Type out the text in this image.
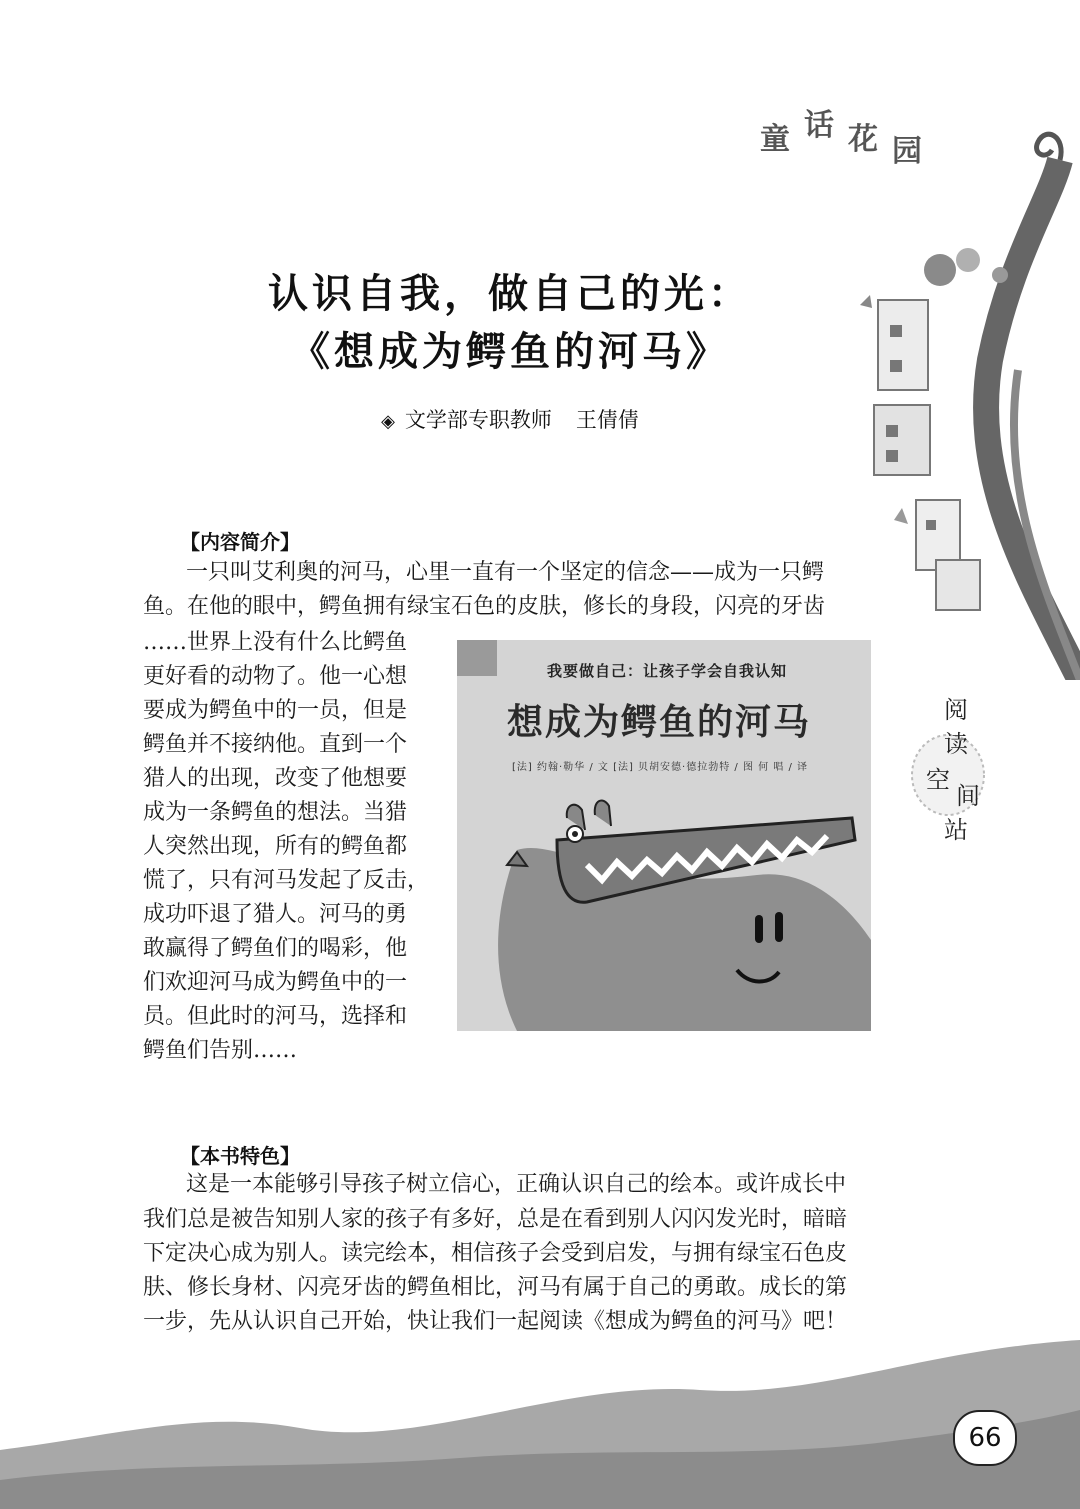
童 话 花 园
认识自我，做自己的光：
《想成为鳄鱼的河马》
◈ 文学部专职教师 王倩倩
【内容简介】
一只叫艾利奥的河马，心里一直有一个坚定的信念——成为一只鳄
鱼。在他的眼中，鳄鱼拥有绿宝石色的皮肤，修长的身段，闪亮的牙齿
……世界上没有什么比鳄鱼
更好看的动物了。他一心想
要成为鳄鱼中的一员，但是
鳄鱼并不接纳他。直到一个
猎人的出现，改变了他想要
成为一条鳄鱼的想法。当猎
人突然出现，所有的鳄鱼都
慌了，只有河马发起了反击，
成功吓退了猎人。河马的勇
敢赢得了鳄鱼们的喝彩，他
们欢迎河马成为鳄鱼中的一
员。但此时的河马，选择和
鳄鱼们告别……
我要做自己：让孩子学会自我认知
想成为鳄鱼的河马
[法] 约翰·勒华 / 文 [法] 贝胡安德·德拉勃特 / 图 何 唱 / 译
阅
读
空
间
站
【本书特色】
这是一本能够引导孩子树立信心，正确认识自己的绘本。或许成长中
我们总是被告知别人家的孩子有多好，总是在看到别人闪闪发光时，暗暗
下定决心成为别人。读完绘本，相信孩子会受到启发，与拥有绿宝石色皮
肤、修长身材、闪亮牙齿的鳄鱼相比，河马有属于自己的勇敢。成长的第
一步，先从认识自己开始，快让我们一起阅读《想成为鳄鱼的河马》吧！
66
